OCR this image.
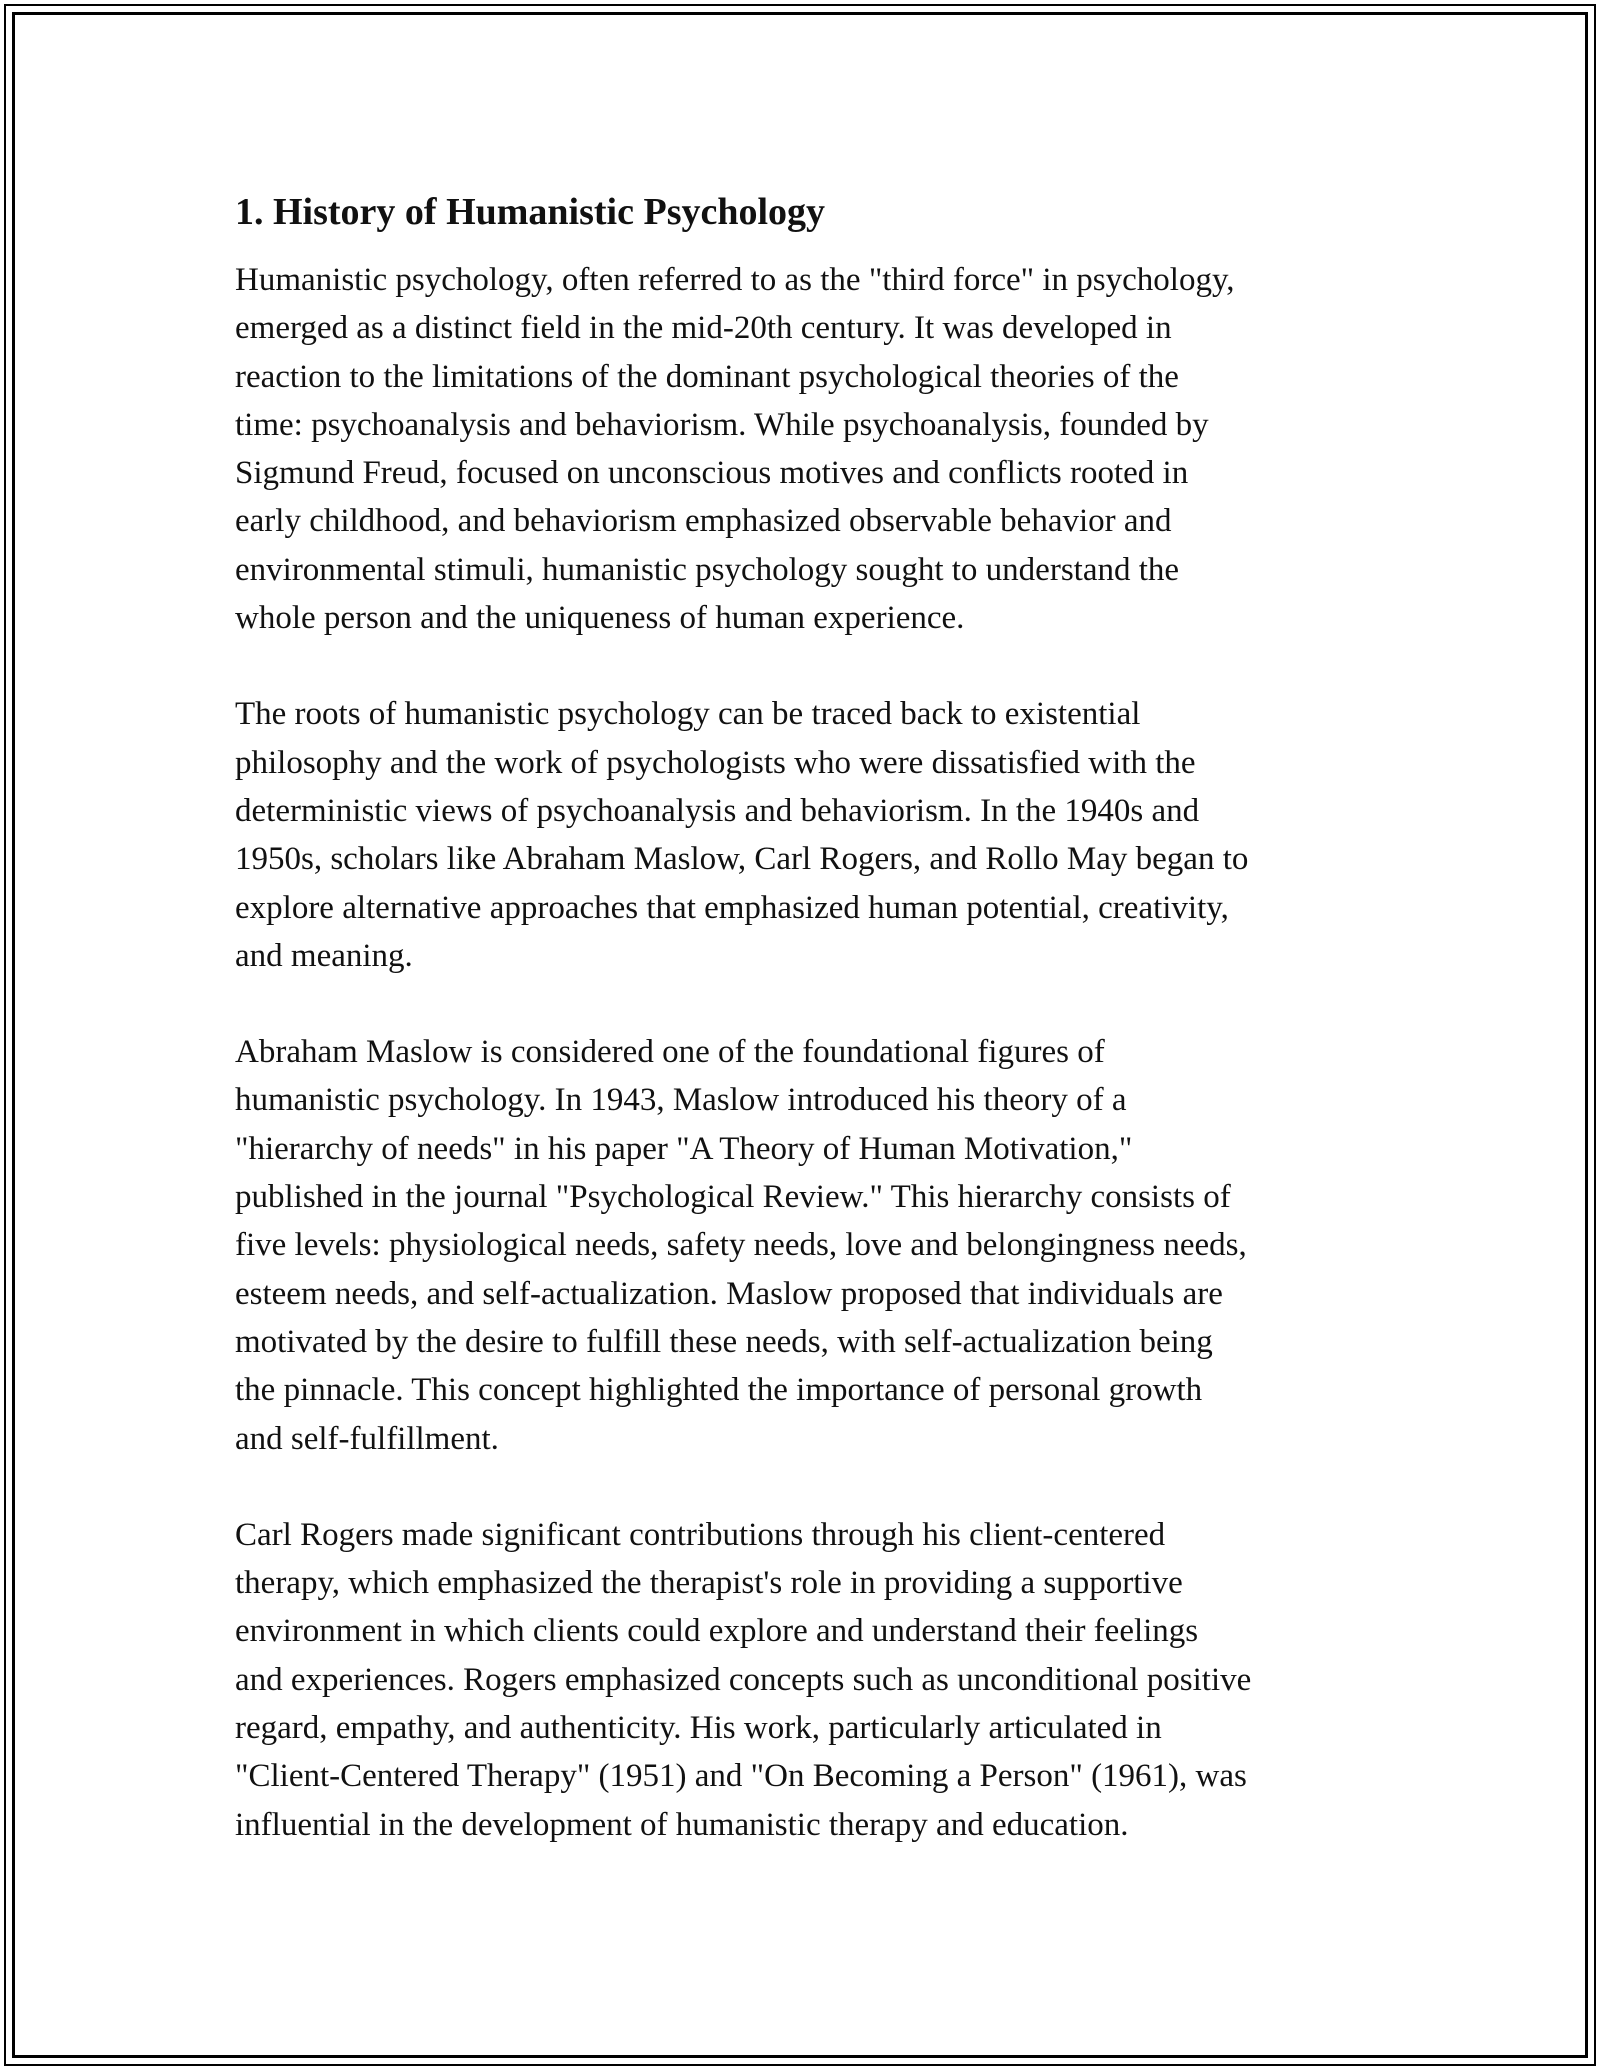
1. History of Humanistic Psychology
Humanistic psychology, often referred to as the "third force" in psychology,
emerged as a distinct field in the mid-20th century. It was developed in
reaction to the limitations of the dominant psychological theories of the
time: psychoanalysis and behaviorism. While psychoanalysis, founded by
Sigmund Freud, focused on unconscious motives and conflicts rooted in
early childhood, and behaviorism emphasized observable behavior and
environmental stimuli, humanistic psychology sought to understand the
whole person and the uniqueness of human experience.
The roots of humanistic psychology can be traced back to existential
philosophy and the work of psychologists who were dissatisfied with the
deterministic views of psychoanalysis and behaviorism. In the 1940s and
1950s, scholars like Abraham Maslow, Carl Rogers, and Rollo May began to
explore alternative approaches that emphasized human potential, creativity,
and meaning.
Abraham Maslow is considered one of the foundational figures of
humanistic psychology. In 1943, Maslow introduced his theory of a
"hierarchy of needs" in his paper "A Theory of Human Motivation,"
published in the journal "Psychological Review." This hierarchy consists of
five levels: physiological needs, safety needs, love and belongingness needs,
esteem needs, and self-actualization. Maslow proposed that individuals are
motivated by the desire to fulfill these needs, with self-actualization being
the pinnacle. This concept highlighted the importance of personal growth
and self-fulfillment.
Carl Rogers made significant contributions through his client-centered
therapy, which emphasized the therapist's role in providing a supportive
environment in which clients could explore and understand their feelings
and experiences. Rogers emphasized concepts such as unconditional positive
regard, empathy, and authenticity. His work, particularly articulated in
"Client-Centered Therapy" (1951) and "On Becoming a Person" (1961), was
influential in the development of humanistic therapy and education.
